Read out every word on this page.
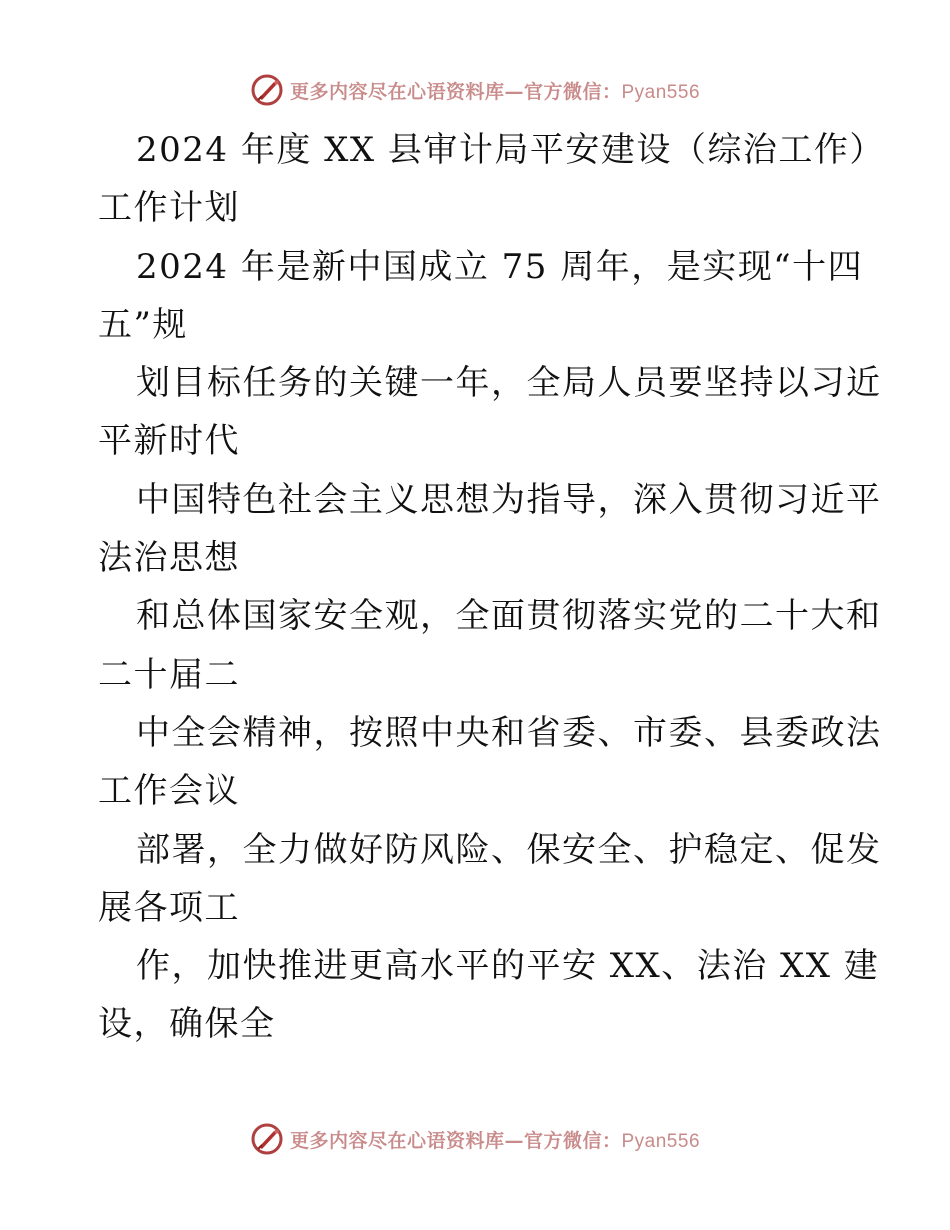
更多内容尽在心语资料库—官方微信：Pyan556
2024 年度 XX 县审计局平安建设（综治工作）
工作计划
2024 年是新中国成立 75 周年，是实现“十四
五”规
划目标任务的关键一年，全局人员要坚持以习近
平新时代
中国特色社会主义思想为指导，深入贯彻习近平
法治思想
和总体国家安全观，全面贯彻落实党的二十大和
二十届二
中全会精神，按照中央和省委、市委、县委政法
工作会议
部署，全力做好防风险、保安全、护稳定、促发
展各项工
作，加快推进更高水平的平安 XX、法治 XX 建
设，确保全
更多内容尽在心语资料库—官方微信：Pyan556
